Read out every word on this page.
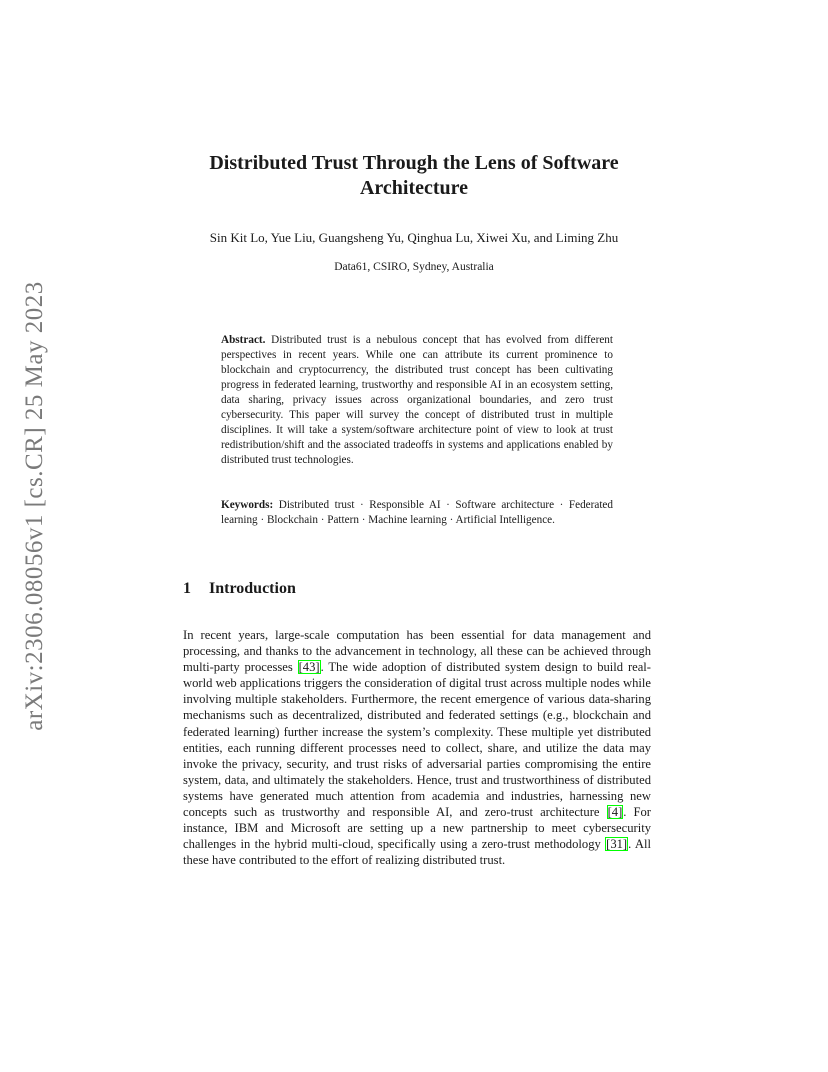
arXiv:2306.08056v1 [cs.CR] 25 May 2023
Distributed Trust Through the Lens of Software Architecture
Sin Kit Lo, Yue Liu, Guangsheng Yu, Qinghua Lu, Xiwei Xu, and Liming Zhu
Data61, CSIRO, Sydney, Australia
Abstract. Distributed trust is a nebulous concept that has evolved from different perspectives in recent years. While one can attribute its current prominence to blockchain and cryptocurrency, the distributed trust concept has been cultivating progress in federated learning, trustworthy and responsible AI in an ecosystem setting, data sharing, privacy issues across organizational boundaries, and zero trust cybersecurity. This paper will survey the concept of distributed trust in multiple disciplines. It will take a system/software architecture point of view to look at trust redistribution/shift and the associated tradeoffs in systems and applications enabled by distributed trust technologies.
Keywords: Distributed trust · Responsible AI · Software architecture · Federated learning · Blockchain · Pattern · Machine learning · Artificial Intelligence.
1 Introduction
In recent years, large-scale computation has been essential for data management and processing, and thanks to the advancement in technology, all these can be achieved through multi-party processes [43]. The wide adoption of distributed system design to build real-world web applications triggers the consideration of digital trust across multiple nodes while involving multiple stakeholders. Furthermore, the recent emergence of various data-sharing mechanisms such as decentralized, distributed and federated settings (e.g., blockchain and federated learning) further increase the system’s complexity. These multiple yet distributed entities, each running different processes need to collect, share, and utilize the data may invoke the privacy, security, and trust risks of adversarial parties compromising the entire system, data, and ultimately the stakeholders. Hence, trust and trustworthiness of distributed systems have generated much attention from academia and industries, harnessing new concepts such as trustworthy and responsible AI, and zero-trust architecture [4]. For instance, IBM and Microsoft are setting up a new partnership to meet cybersecurity challenges in the hybrid multi-cloud, specifically using a zero-trust methodology [31]. All these have contributed to the effort of realizing distributed trust.
